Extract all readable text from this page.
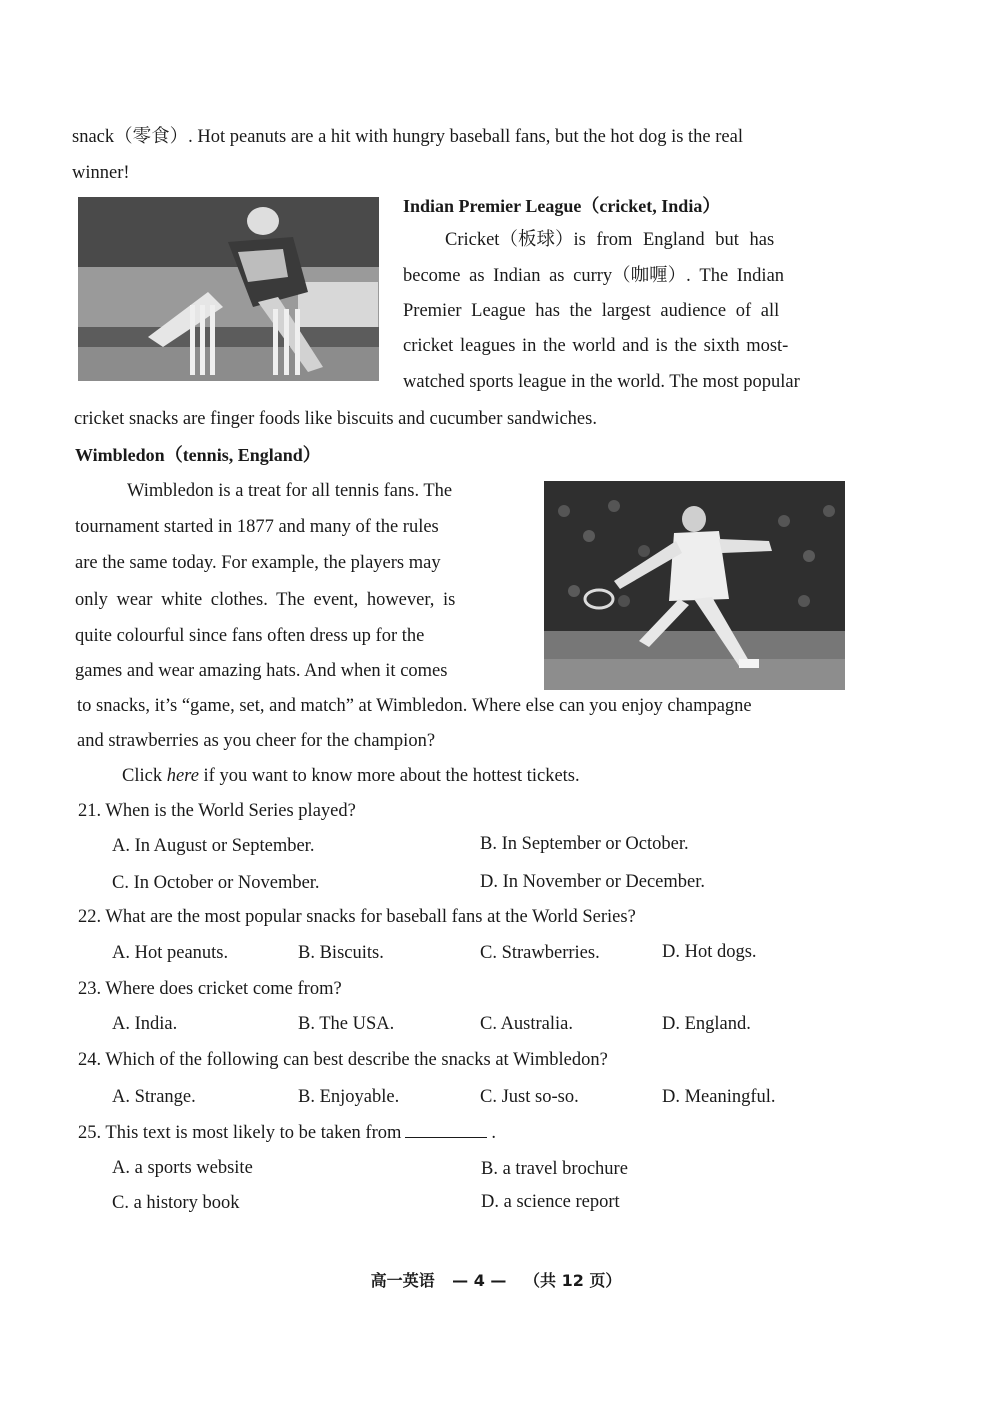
snack（零食）. Hot peanuts are a hit with hungry baseball fans, but the hot dog is the real
winner!
Indian Premier League（cricket, India）
Cricket（板球）is from England but has
become as Indian as curry（咖喱）. The Indian
Premier League has the largest audience of all
cricket leagues in the world and is the sixth most-
watched sports league in the world. The most popular
cricket snacks are finger foods like biscuits and cucumber sandwiches.
Wimbledon（tennis, England）
Wimbledon is a treat for all tennis fans. The
tournament started in 1877 and many of the rules
are the same today. For example, the players may
only wear white clothes. The event, however, is
quite colourful since fans often dress up for the
games and wear amazing hats. And when it comes
to snacks, it’s “game, set, and match” at Wimbledon. Where else can you enjoy champagne
and strawberries as you cheer for the champion?
Click here if you want to know more about the hottest tickets.
21. When is the World Series played?
A. In August or September.	B. In September or October.
C. In October or November.	D. In November or December.
22. What are the most popular snacks for baseball fans at the World Series?
A. Hot peanuts.	B. Biscuits.	C. Strawberries.	D. Hot dogs.
23. Where does cricket come from?
A. India.	B. The USA.	C. Australia.	D. England.
24. Which of the following can best describe the snacks at Wimbledon?
A. Strange.	B. Enjoyable.	C. Just so-so.	D. Meaningful.
25. This text is most likely to be taken from	.
A. a sports website	B. a travel brochure
C. a history book	D. a science report
高一英语 — 4 — （共 12 页）
